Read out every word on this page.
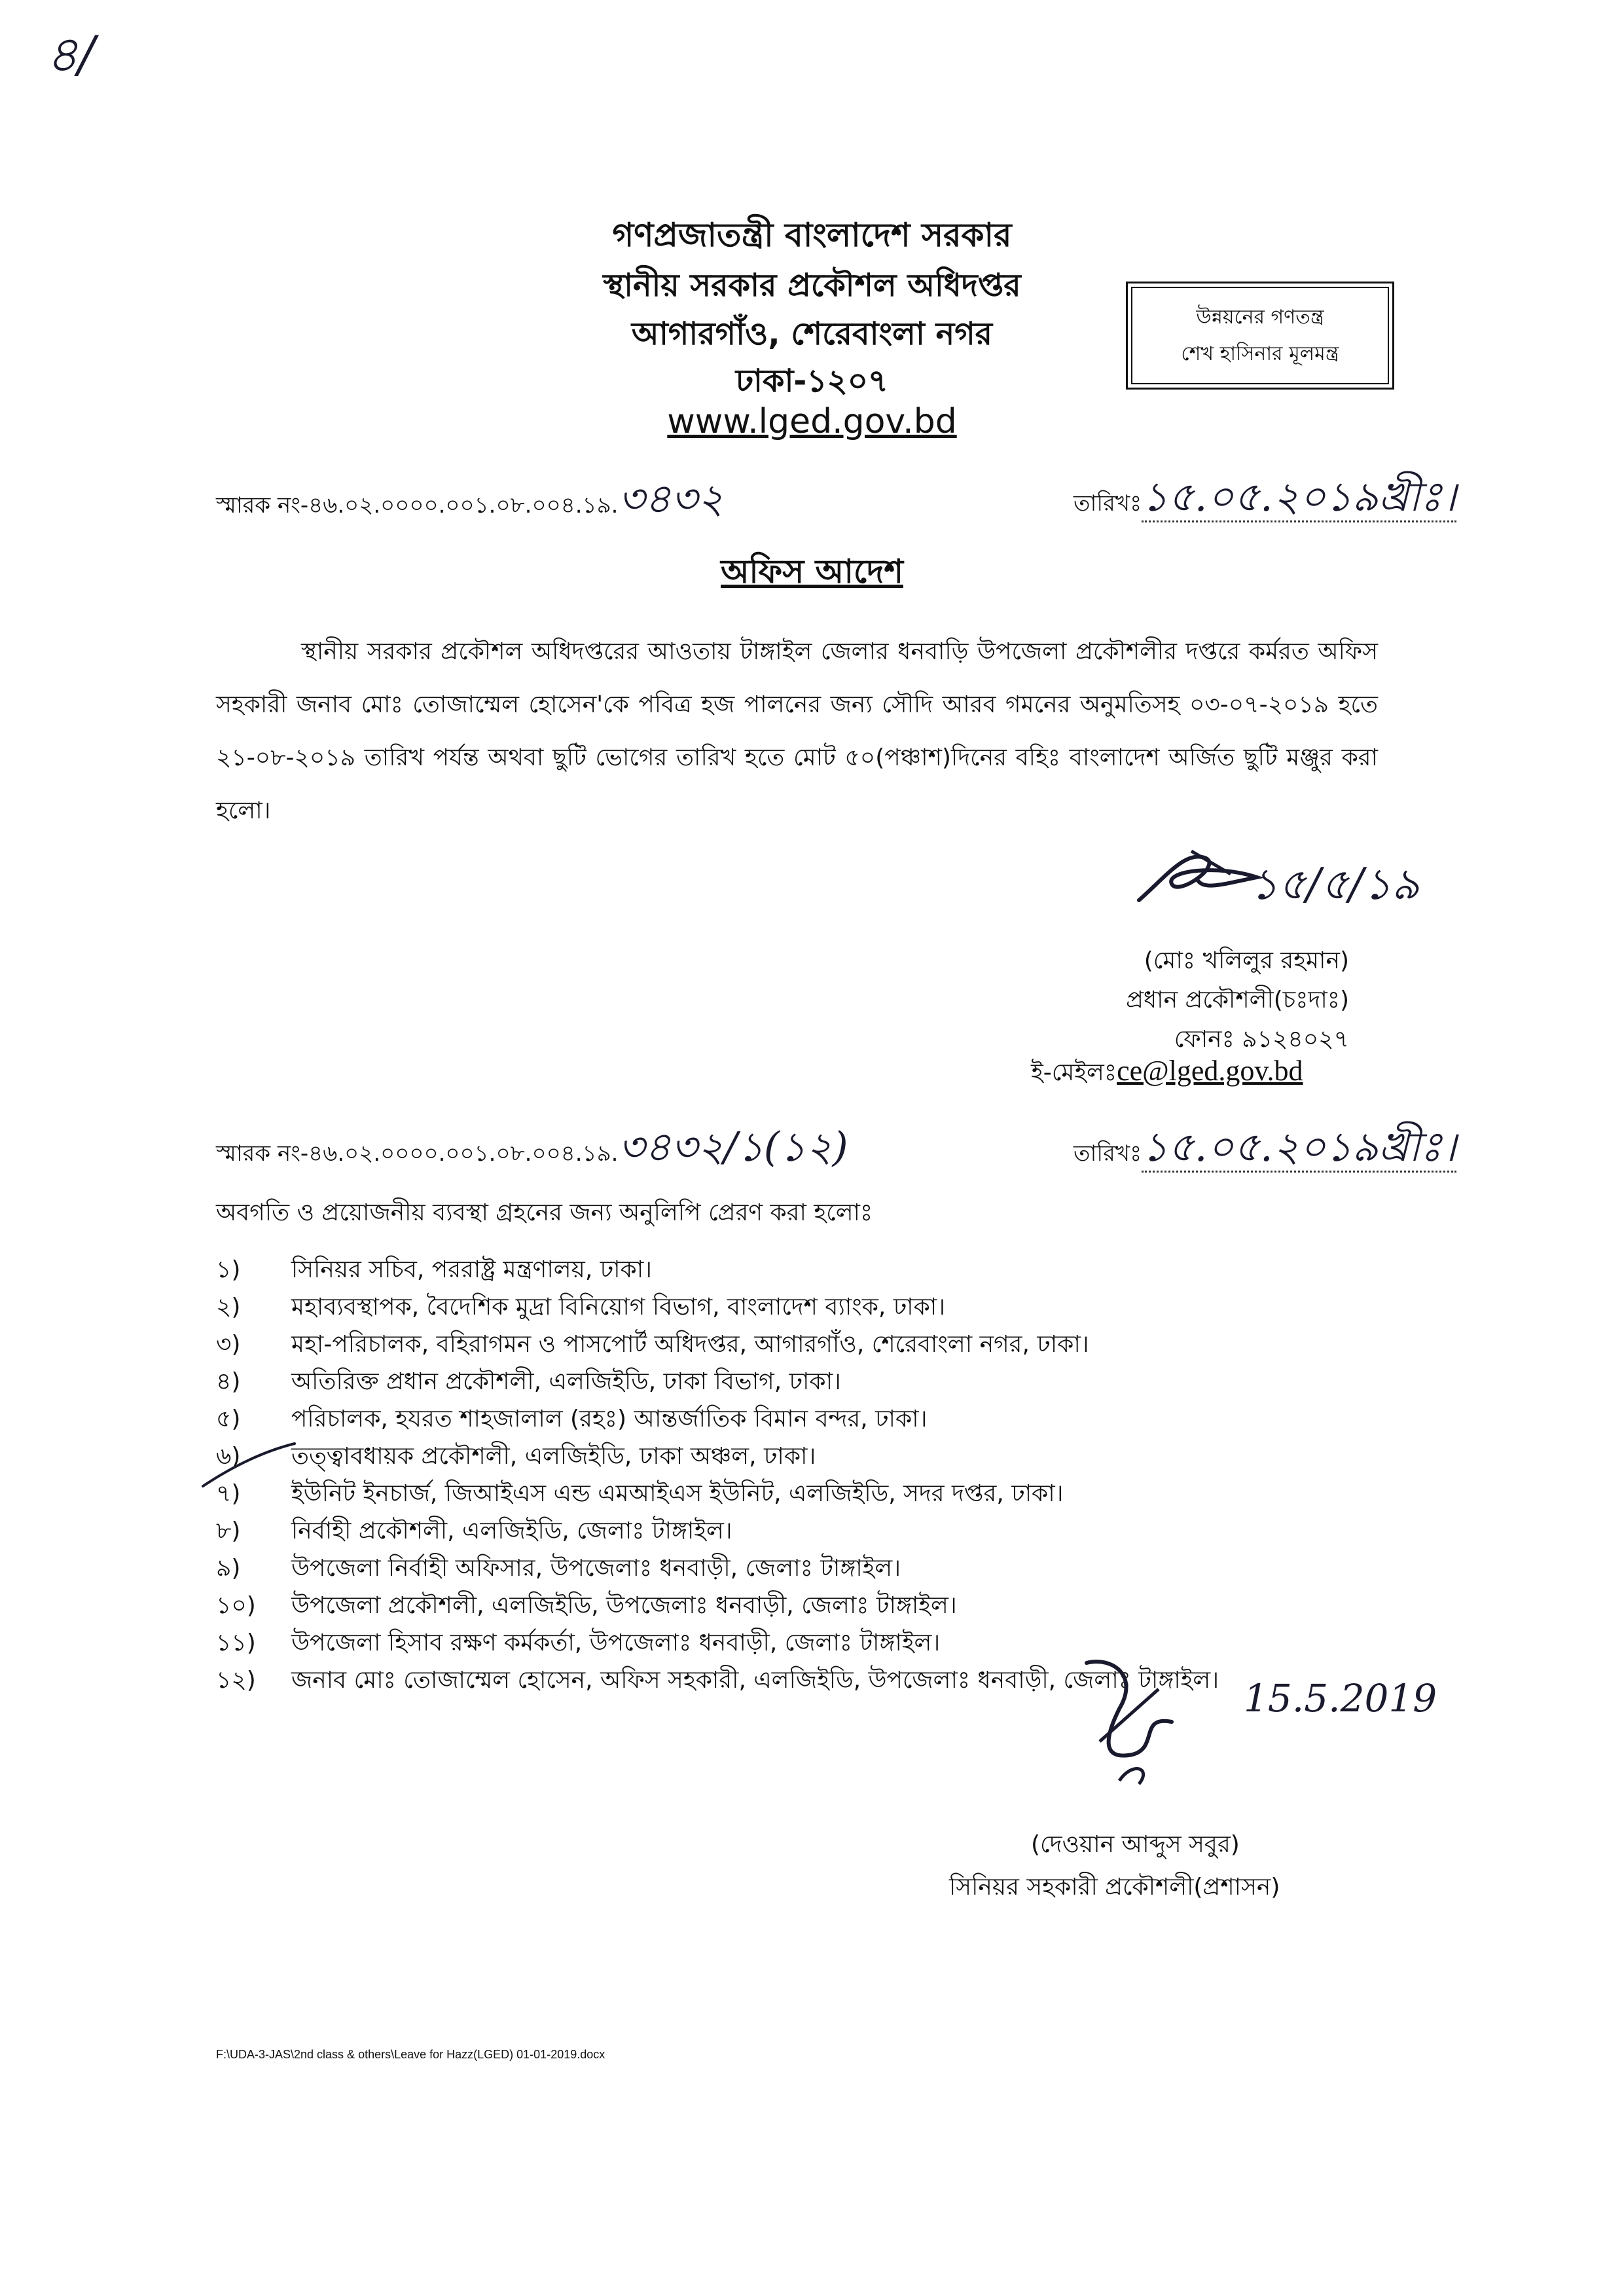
৪/
গণপ্রজাতন্ত্রী বাংলাদেশ সরকার
স্থানীয় সরকার প্রকৌশল অধিদপ্তর
আগারগাঁও, শেরেবাংলা নগর
ঢাকা-১২০৭
www.lged.gov.bd
উন্নয়নের গণতন্ত্র
শেখ হাসিনার মূলমন্ত্র
স্মারক নং-৪৬.০২.০০০০.০০১.০৮.০০৪.১৯.৩৪৩২	তারিখঃ১৫.০৫.২০১৯খ্রীঃ।
অফিস আদেশ
স্থানীয় সরকার প্রকৌশল অধিদপ্তরের আওতায় টাঙ্গাইল জেলার ধনবাড়ি উপজেলা প্রকৌশলীর দপ্তরে কর্মরত অফিস সহকারী জনাব মোঃ তোজাম্মেল হোসেন'কে পবিত্র হজ পালনের জন্য সৌদি আরব গমনের অনুমতিসহ ০৩-০৭-২০১৯ হতে ২১-০৮-২০১৯ তারিখ পর্যন্ত অথবা ছুটি ভোগের তারিখ হতে মোট ৫০(পঞ্চাশ)দিনের বহিঃ বাংলাদেশ অর্জিত ছুটি মঞ্জুর করা হলো।
১৫/৫/১৯
(মোঃ খলিলুর রহমান)
প্রধান প্রকৌশলী(চঃদাঃ)
ফোনঃ ৯১২৪০২৭
ই-মেইলঃce@lged.gov.bd
স্মারক নং-৪৬.০২.০০০০.০০১.০৮.০০৪.১৯.৩৪৩২/১(১২)	তারিখঃ১৫.০৫.২০১৯খ্রীঃ।
অবগতি ও প্রয়োজনীয় ব্যবস্থা গ্রহনের জন্য অনুলিপি প্রেরণ করা হলোঃ
১)	সিনিয়র সচিব, পররাষ্ট্র মন্ত্রণালয়, ঢাকা।
২)	মহাব্যবস্থাপক, বৈদেশিক মুদ্রা বিনিয়োগ বিভাগ, বাংলাদেশ ব্যাংক, ঢাকা।
৩)	মহা-পরিচালক, বহিরাগমন ও পাসপোর্ট অধিদপ্তর, আগারগাঁও, শেরেবাংলা নগর, ঢাকা।
৪)	অতিরিক্ত প্রধান প্রকৌশলী, এলজিইডি, ঢাকা বিভাগ, ঢাকা।
৫)	পরিচালক, হযরত শাহজালাল (রহঃ) আন্তর্জাতিক বিমান বন্দর, ঢাকা।
৬)	তত্ত্বাবধায়ক প্রকৌশলী, এলজিইডি, ঢাকা অঞ্চল, ঢাকা।
৭)	ইউনিট ইনচার্জ, জিআইএস এন্ড এমআইএস ইউনিট, এলজিইডি, সদর দপ্তর, ঢাকা।
৮)	নির্বাহী প্রকৌশলী, এলজিইডি, জেলাঃ টাঙ্গাইল।
৯)	উপজেলা নির্বাহী অফিসার, উপজেলাঃ ধনবাড়ী, জেলাঃ টাঙ্গাইল।
১০)	উপজেলা প্রকৌশলী, এলজিইডি, উপজেলাঃ ধনবাড়ী, জেলাঃ টাঙ্গাইল।
১১)	উপজেলা হিসাব রক্ষণ কর্মকর্তা, উপজেলাঃ ধনবাড়ী, জেলাঃ টাঙ্গাইল।
১২)	জনাব মোঃ তোজাম্মেল হোসেন, অফিস সহকারী, এলজিইডি, উপজেলাঃ ধনবাড়ী, জেলাঃ টাঙ্গাইল। 15.5.2019
(দেওয়ান আব্দুস সবুর)
সিনিয়র সহকারী প্রকৌশলী(প্রশাসন)
F:\UDA-3-JAS\2nd class & others\Leave for Hazz(LGED) 01-01-2019.docx
